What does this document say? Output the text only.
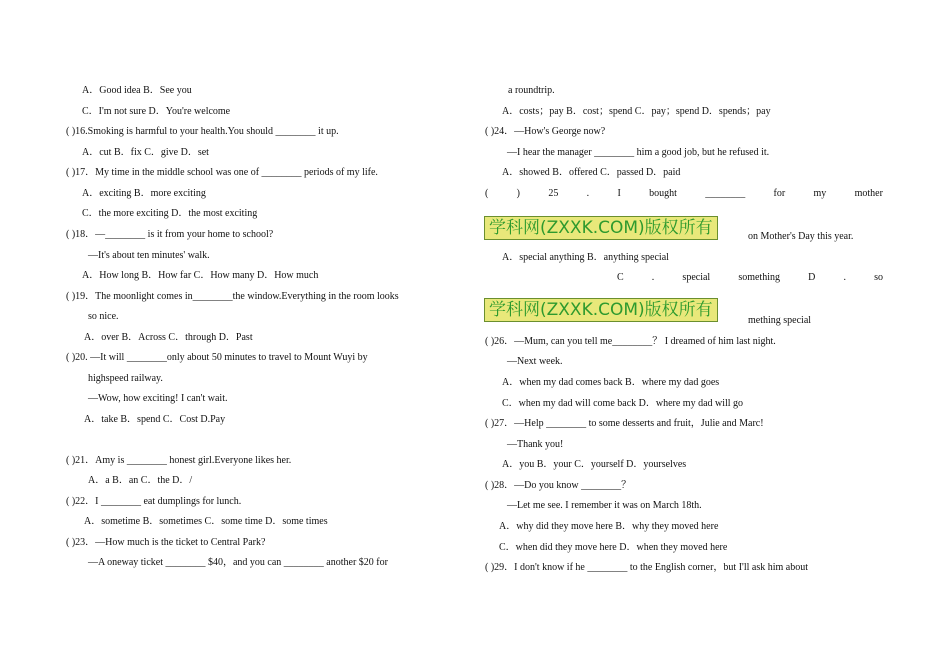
A．Good idea B．See you
C．I'm not sure D．You're welcome
( )16.Smoking is harmful to your health.You should ________ it up.
A．cut B．fix C．give D．set
( )17．My time in the middle school was one of ________ periods of my life.
A．exciting B．more exciting
C．the more exciting D．the most exciting
( )18．—________ is it from your home to school?
—It's about ten minutes' walk.
A．How long B．How far C．How many D．How much
( )19．The moonlight comes in________the window.Everything in the room looks
so nice.
A．over B．Across C．through D．Past
( )20. —It will ________only about 50 minutes to travel to Mount Wuyi by
highspeed railway.
—Wow, how exciting! I can't wait.
A．take B．spend C．Cost D.Pay
( )21．Amy is ________ honest girl.Everyone likes her.
A．a B．an C．the D．/
( )22．I ________ eat dumplings for lunch.
A．sometime B．sometimes C．some time D．some times
( )23．—How much is the ticket to Central Park?
—A oneway ticket ________ $40，and you can ________ another $20 for
a roundtrip.
A．costs；pay B．cost；spend C．pay；spend D．spends；pay
( )24．—How's George now?
—I hear the manager ________ him a good job, but he refused it.
A．showed B．offered C．passed D．paid
(	)	25	.	I	bought	________	for	my	mother
学科网(ZXXK.COM)版权所有	on Mother's Day this year.
A．special anything B．anything special
C	.	special	something	D	.	so
学科网(ZXXK.COM)版权所有
mething special
( )26．—Mum, can you tell me________？ I dreamed of him last night.
—Next week.
A．when my dad comes back B．where my dad goes
C．when my dad will come back D．where my dad will go
( )27．—Help ________ to some desserts and fruit，Julie and Marc!
—Thank you!
A．you B．your C．yourself D．yourselves
( )28．—Do you know ________？
—Let me see. I remember it was on March 18th.
A．why did they move here B．why they moved here
C．when did they move here D．when they moved here
( )29．I don't know if he ________ to the English corner，but I'll ask him about
